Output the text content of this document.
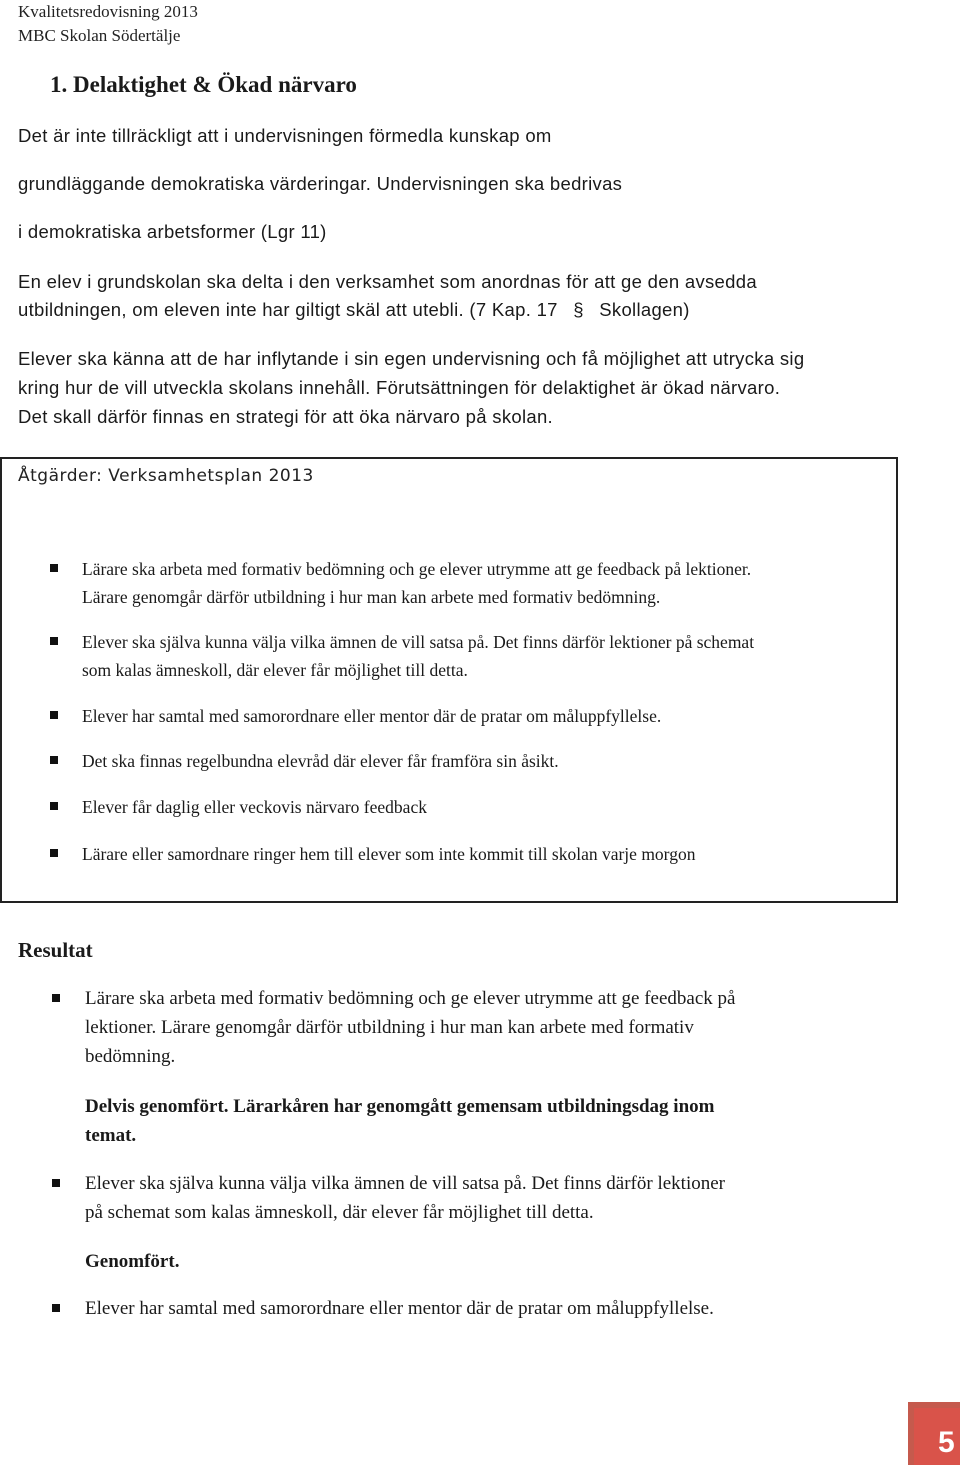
Kvalitetsredovisning 2013
MBC Skolan Södertälje
1. Delaktighet & Ökad närvaro
Det är inte tillräckligt att i undervisningen förmedla kunskap om
grundläggande demokratiska värderingar. Undervisningen ska bedrivas
i demokratiska arbetsformer (Lgr 11)
En elev i grundskolan ska delta i den verksamhet som anordnas för att ge den avsedda
utbildningen, om eleven inte har giltigt skäl att utebli. (7 Kap. 17 § Skollagen)
Elever ska känna att de har inflytande i sin egen undervisning och få möjlighet att utrycka sig
kring hur de vill utveckla skolans innehåll. Förutsättningen för delaktighet är ökad närvaro.
Det skall därför finnas en strategi för att öka närvaro på skolan.
Åtgärder: Verksamhetsplan 2013
Lärare ska arbeta med formativ bedömning och ge elever utrymme att ge feedback på lektioner.
Lärare genomgår därför utbildning i hur man kan arbete med formativ bedömning.
Elever ska själva kunna välja vilka ämnen de vill satsa på. Det finns därför lektioner på schemat
som kalas ämneskoll, där elever får möjlighet till detta.
Elever har samtal med samorordnare eller mentor där de pratar om måluppfyllelse.
Det ska finnas regelbundna elevråd där elever får framföra sin åsikt.
Elever får daglig eller veckovis närvaro feedback
Lärare eller samordnare ringer hem till elever som inte kommit till skolan varje morgon
Resultat
Lärare ska arbeta med formativ bedömning och ge elever utrymme att ge feedback på
lektioner. Lärare genomgår därför utbildning i hur man kan arbete med formativ
bedömning.
Delvis genomfört. Lärarkåren har genomgått gemensam utbildningsdag inom
temat.
Elever ska själva kunna välja vilka ämnen de vill satsa på. Det finns därför lektioner
på schemat som kalas ämneskoll, där elever får möjlighet till detta.
Genomfört.
Elever har samtal med samorordnare eller mentor där de pratar om måluppfyllelse.
5
